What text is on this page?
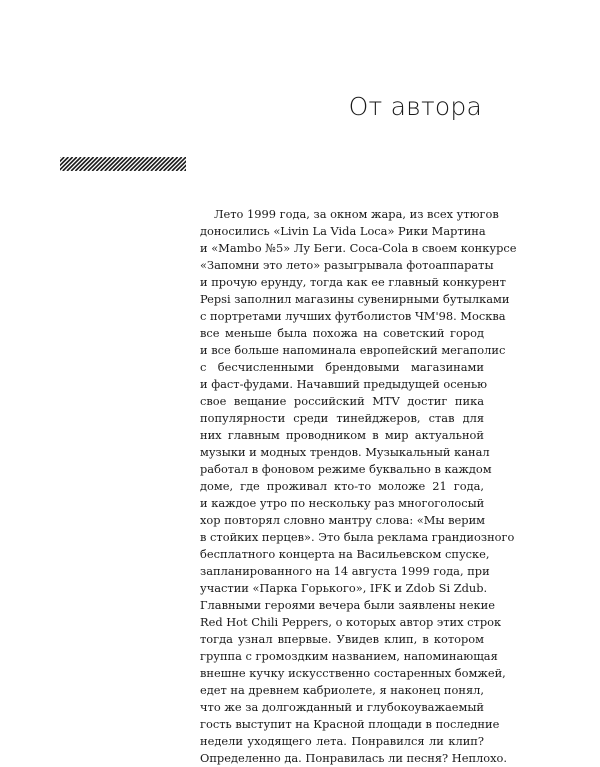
От автора
Лето 1999 года, за окном жара, из всех утюгов
доносились «Livin La Vida Loca» Рики Мартина
и «Mambo №5» Лу Беги. Coca-Cola в своем конкурсе
«Запомни это лето» разыгрывала фотоаппараты
и прочую ерунду, тогда как ее главный конкурент
Pepsi заполнил магазины сувенирными бутылками
с портретами лучших футболистов ЧМ'98. Москва
все меньше была похожа на советский город
и все больше напоминала европейский мегаполис
с бесчисленными брендовыми магазинами
и фаст-фудами. Начавший предыдущей осенью
свое вещание российский MTV достиг пика
популярности среди тинейджеров, став для
них главным проводником в мир актуальной
музыки и модных трендов. Музыкальный канал
работал в фоновом режиме буквально в каждом
доме, где проживал кто-то моложе 21 года,
и каждое утро по нескольку раз многоголосый
хор повторял словно мантру слова: «Мы верим
в стойких перцев». Это была реклама грандиозного
бесплатного концерта на Васильевском спуске,
запланированного на 14 августа 1999 года, при
участии «Парка Горького», IFK и Zdob Si Zdub.
Главными героями вечера были заявлены некие
Red Hot Chili Peppers, о которых автор этих строк
тогда узнал впервые. Увидев клип, в котором
группа с громоздким названием, напоминающая
внешне кучку искусственно состаренных бомжей,
едет на древнем кабриолете, я наконец понял,
что же за долгожданный и глубокоуважаемый
гость выступит на Красной площади в последние
недели уходящего лета. Понравился ли клип?
Определенно да. Понравилась ли песня? Неплохо.
